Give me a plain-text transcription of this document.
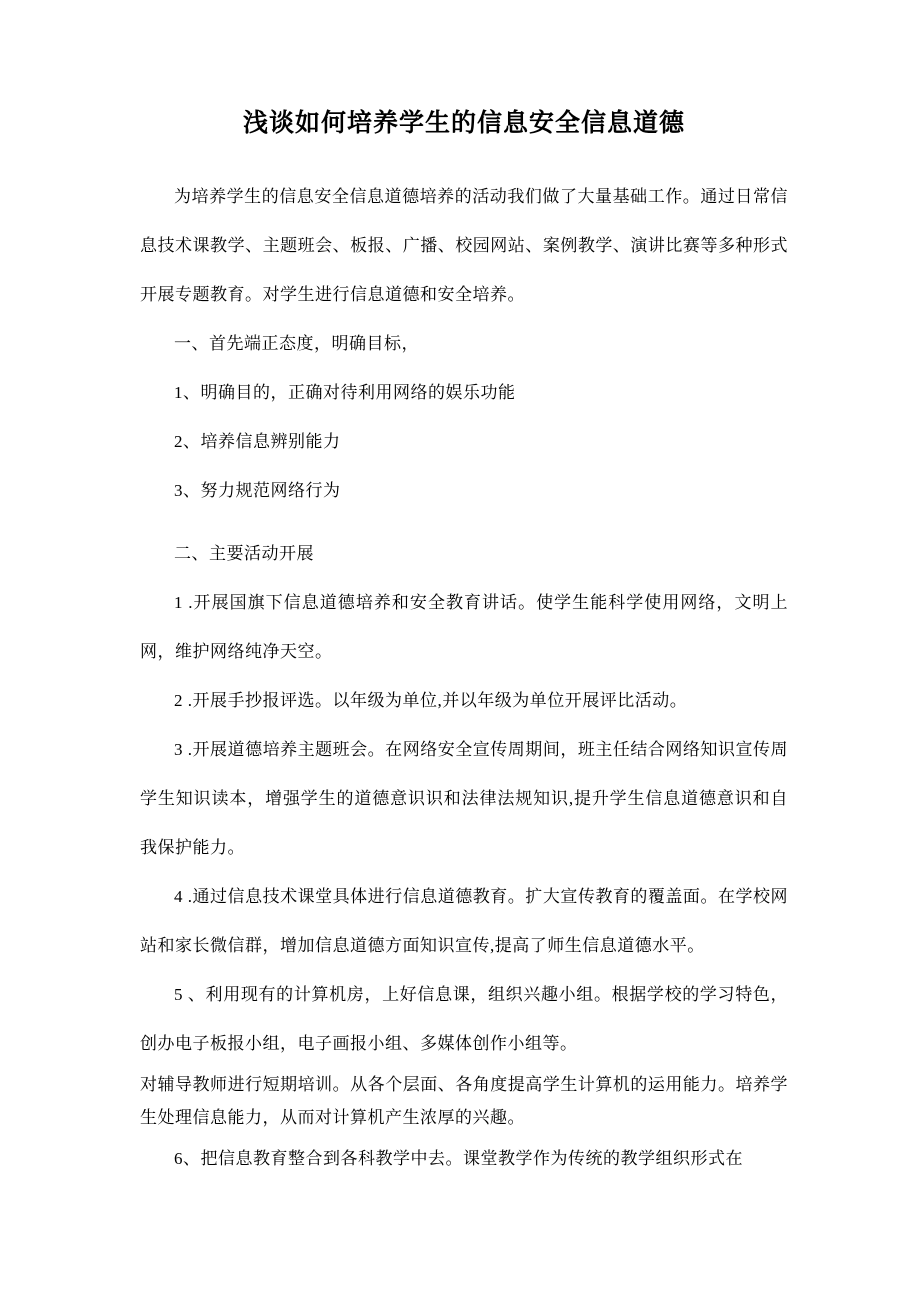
浅谈如何培养学生的信息安全信息道德

为培养学生的信息安全信息道德培养的活动我们做了大量基础工作。通过日常信息技术课教学、主题班会、板报、广播、校园网站、案例教学、演讲比赛等多种形式开展专题教育。对学生进行信息道德和安全培养。

一、首先端正态度，明确目标，

1、明确目的，正确对待利用网络的娱乐功能

2、培养信息辨别能力

3、努力规范网络行为

二、主要活动开展

1 .开展国旗下信息道德培养和安全教育讲话。使学生能科学使用网络，文明上网，维护网络纯净天空。

2 .开展手抄报评选。以年级为单位,并以年级为单位开展评比活动。

3 .开展道德培养主题班会。在网络安全宣传周期间，班主任结合网络知识宣传周学生知识读本，增强学生的道德意识识和法律法规知识,提升学生信息道德意识和自我保护能力。

4 .通过信息技术课堂具体进行信息道德教育。扩大宣传教育的覆盖面。在学校网站和家长微信群，增加信息道德方面知识宣传,提高了师生信息道德水平。

5 、利用现有的计算机房，上好信息课，组织兴趣小组。根据学校的学习特色，创办电子板报小组，电子画报小组、多媒体创作小组等。

对辅导教师进行短期培训。从各个层面、各角度提高学生计算机的运用能力。培养学生处理信息能力，从而对计算机产生浓厚的兴趣。

6、把信息教育整合到各科教学中去。课堂教学作为传统的教学组织形式在
